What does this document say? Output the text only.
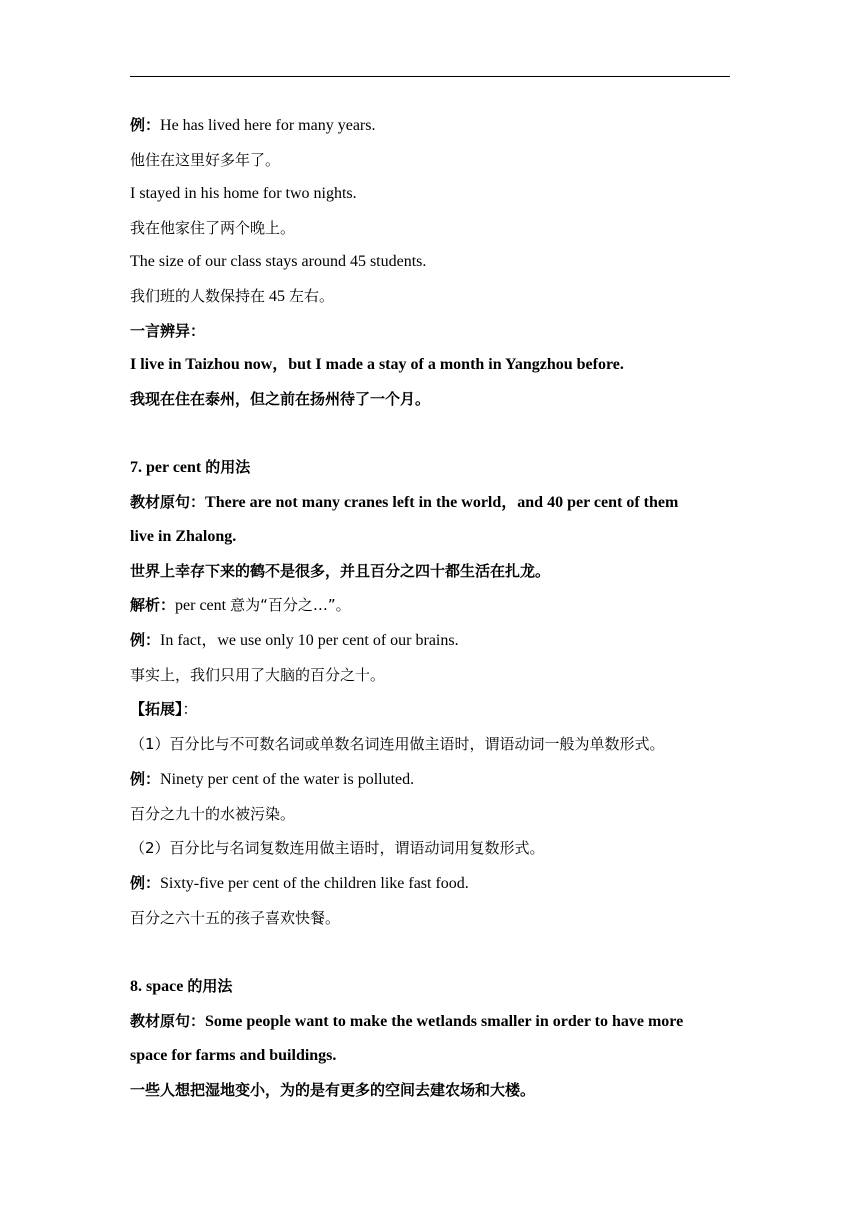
例：He has lived here for many years.
他住在这里好多年了。
I stayed in his home for two nights.
我在他家住了两个晚上。
The size of our class stays around 45 students.
我们班的人数保持在 45 左右。
一言辨异：
I live in Taizhou now，but I made a stay of a month in Yangzhou before.
我现在住在泰州，但之前在扬州待了一个月。
7. per cent 的用法
教材原句：There are not many cranes left in the world，and 40 per cent of them
live in Zhalong.
世界上幸存下来的鹤不是很多，并且百分之四十都生活在扎龙。
解析：per cent 意为“百分之…”。
例：In fact，we use only 10 per cent of our brains.
事实上，我们只用了大脑的百分之十。
【拓展】：
（1）百分比与不可数名词或单数名词连用做主语时，谓语动词一般为单数形式。
例：Ninety per cent of the water is polluted.
百分之九十的水被污染。
（2）百分比与名词复数连用做主语时，谓语动词用复数形式。
例：Sixty-five per cent of the children like fast food.
百分之六十五的孩子喜欢快餐。
8. space 的用法
教材原句：Some people want to make the wetlands smaller in order to have more
space for farms and buildings.
一些人想把湿地变小，为的是有更多的空间去建农场和大楼。
